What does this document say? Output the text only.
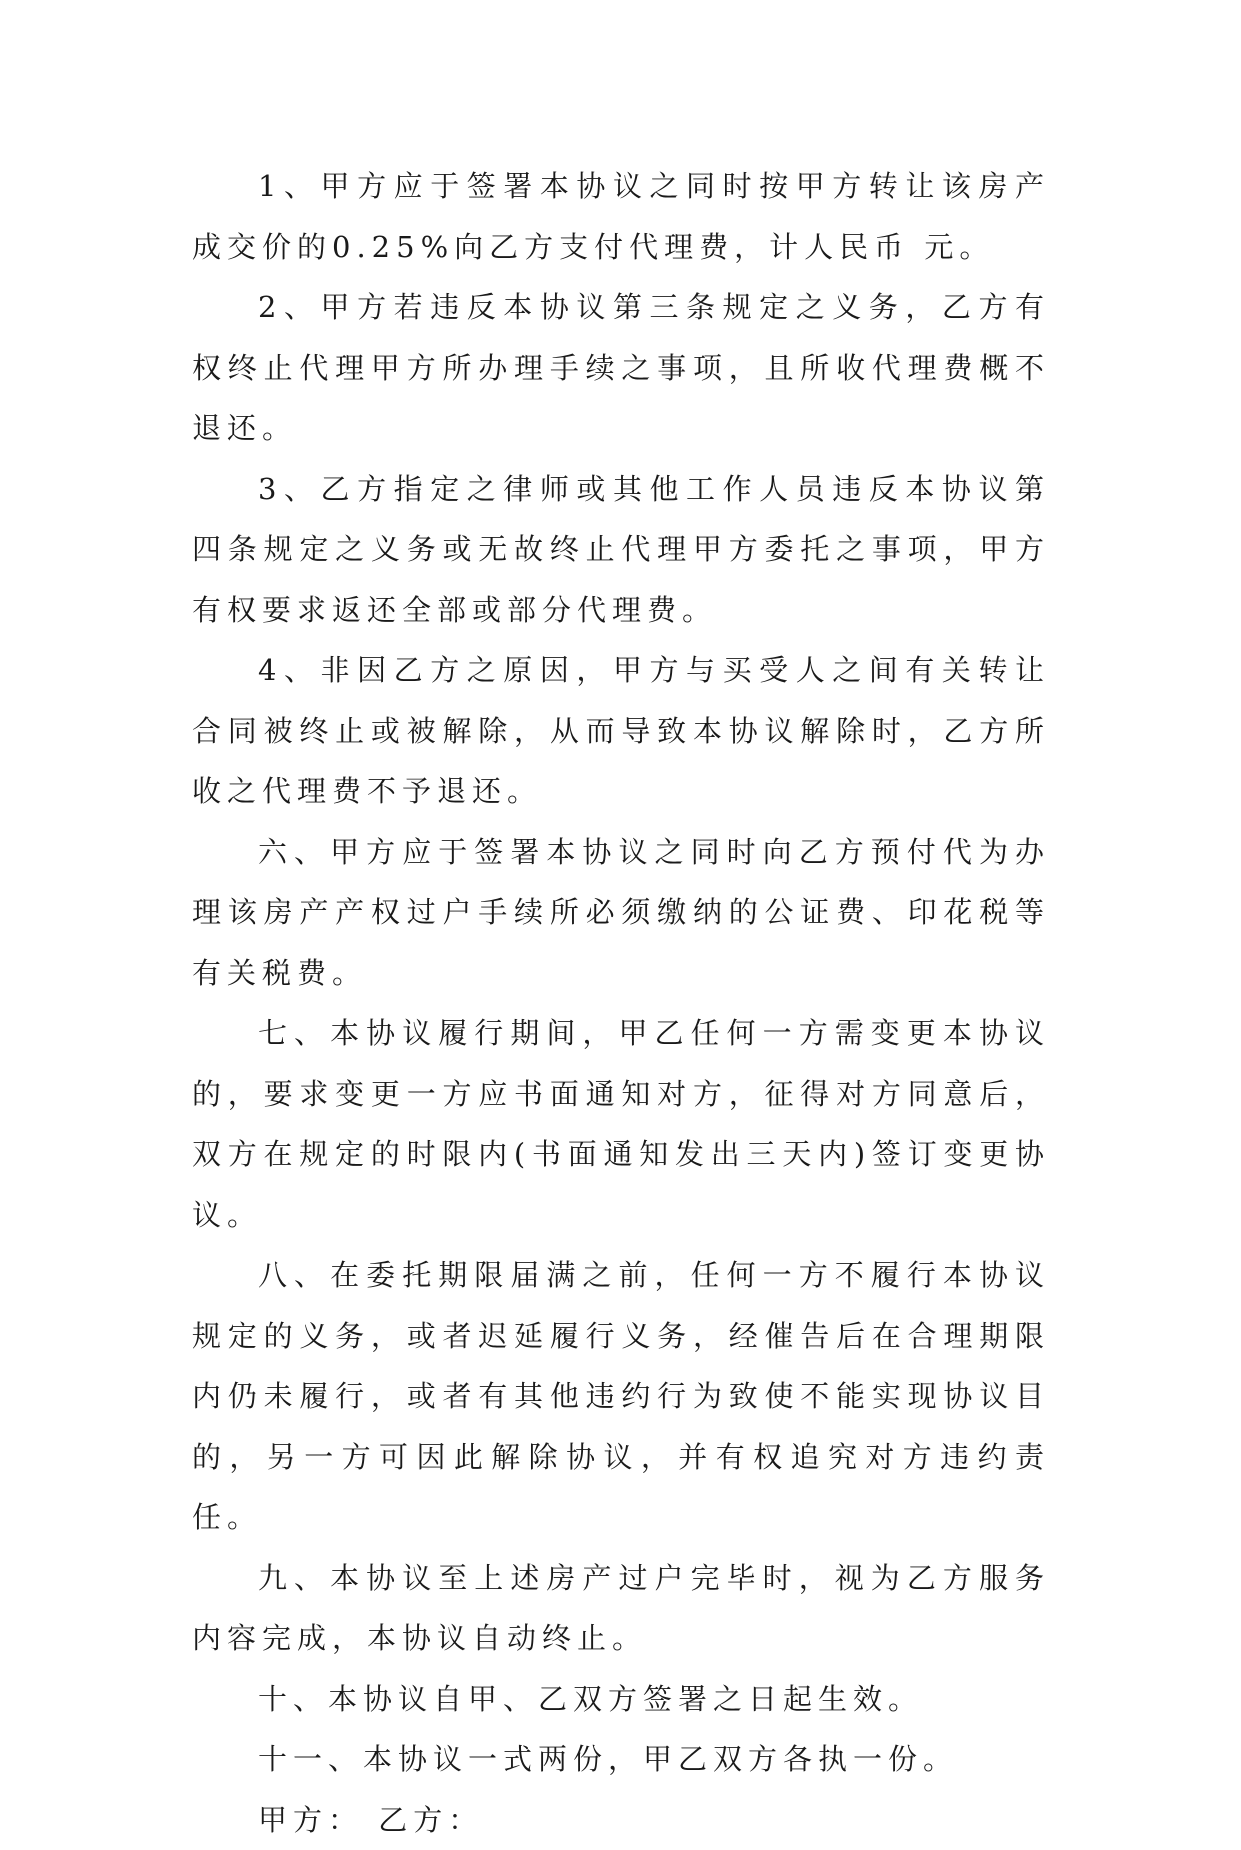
1、甲方应于签署本协议之同时按甲方转让该房产成交价的0.25%向乙方支付代理费，计人民币 元。

2、甲方若违反本协议第三条规定之义务，乙方有权终止代理甲方所办理手续之事项，且所收代理费概不退还。

3、乙方指定之律师或其他工作人员违反本协议第四条规定之义务或无故终止代理甲方委托之事项，甲方有权要求返还全部或部分代理费。

4、非因乙方之原因，甲方与买受人之间有关转让合同被终止或被解除，从而导致本协议解除时，乙方所收之代理费不予退还。

六、甲方应于签署本协议之同时向乙方预付代为办理该房产产权过户手续所必须缴纳的公证费、印花税等有关税费。

七、本协议履行期间，甲乙任何一方需变更本协议的，要求变更一方应书面通知对方，征得对方同意后，双方在规定的时限内(书面通知发出三天内)签订变更协议。

八、在委托期限届满之前，任何一方不履行本协议规定的义务，或者迟延履行义务，经催告后在合理期限内仍未履行，或者有其他违约行为致使不能实现协议目的，另一方可因此解除协议，并有权追究对方违约责任。

九、本协议至上述房产过户完毕时，视为乙方服务内容完成，本协议自动终止。

十、本协议自甲、乙双方签署之日起生效。

十一、本协议一式两份，甲乙双方各执一份。

甲方： 乙方：
